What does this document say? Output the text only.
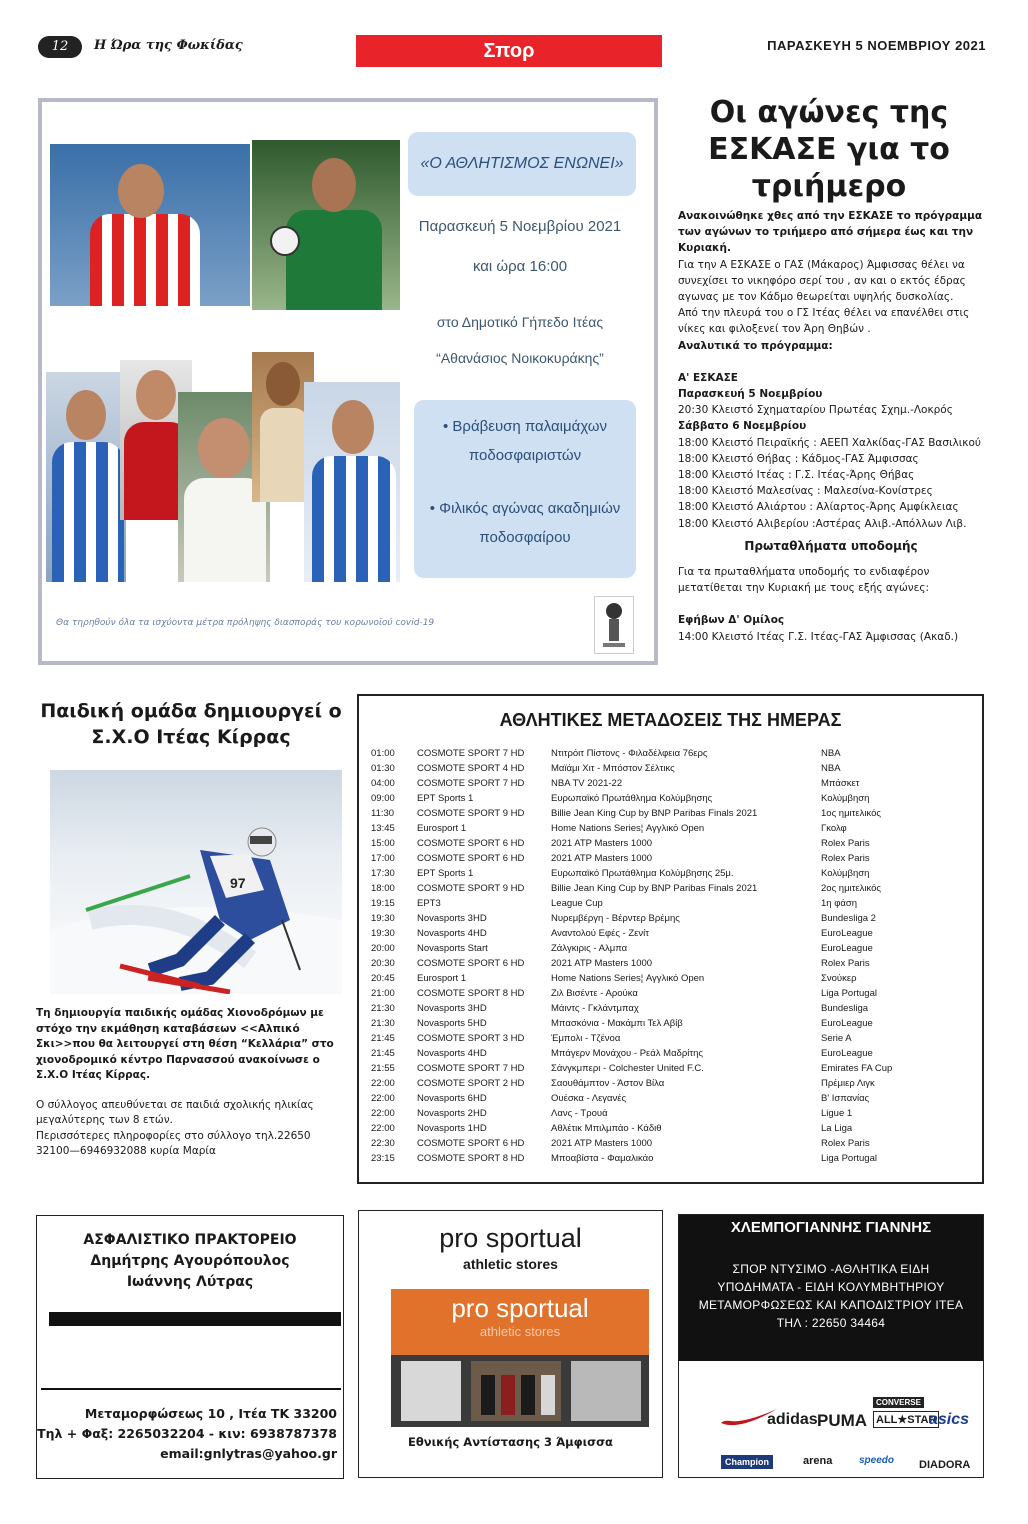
12	Η Ώρα της Φωκίδας	Σπορ	ΠΑΡΑΣΚΕΥΗ 5 ΝΟΕΜΒΡΙΟΥ 2021
«Ο ΑΘΛΗΤΙΣΜΟΣ ΕΝΩΝΕΙ»
Παρασκευή 5 Νοεμβρίου 2021
και ώρα 16:00
στο Δημοτικό Γήπεδο Ιτέας
“Αθανάσιος Νοικοκυράκης”
• Βράβευση παλαιμάχων ποδοσφαιριστών
• Φιλικός αγώνας ακαδημιών ποδοσφαίρου
Θα τηρηθούν όλα τα ισχύοντα μέτρα πρόληψης διασποράς του κορωνοϊού covid-19
Οι αγώνες της ΕΣΚΑΣΕ για το τριήμερο
Ανακοινώθηκε χθες από την ΕΣΚΑΣΕ το πρόγραμμα των αγώνων το τριήμερο από σήμερα έως και την Κυριακή.
Για την Α ΕΣΚΑΣΕ ο ΓΑΣ (Μάκαρος) Άμφισσας θέλει να συνεχίσει το νικηφόρο σερί του , αν και ο εκτός έδρας αγωνας με τον Κάδμο θεωρείται υψηλής δυσκολίας.
Από την πλευρά του ο ΓΣ Ιτέας θέλει να επανέλθει στις νίκες και φιλοξενεί τον Άρη Θηβών .
Αναλυτικά το πρόγραμμα:
Α' ΕΣΚΑΣΕ
Παρασκευή 5 Νοεμβρίου
20:30 Κλειστό Σχηματαρίου Πρωτέας Σχημ.-Λοκρός
Σάββατο 6 Νοεμβρίου
18:00 Κλειστό Πειραϊκής : ΑΕΕΠ Χαλκίδας-ΓΑΣ Βασιλικού
18:00 Κλειστό Θήβας : Κάδμος-ΓΑΣ Άμφισσας
18:00 Κλειστό Ιτέας : Γ.Σ. Ιτέας-Άρης Θήβας
18:00 Κλειστό Μαλεσίνας : Μαλεσίνα-Κονίστρες
18:00 Κλειστό Αλιάρτου : Αλίαρτος-Άρης Αμφίκλειας
18:00 Κλειστό Αλιβερίου :Αστέρας Αλιβ.-Απόλλων Λιβ.
Πρωταθλήματα υποδομής
Για τα πρωταθλήματα υποδομής το ενδιαφέρον μετατίθεται την Κυριακή με τους εξής αγώνες:
Εφήβων Δ' Ομίλος
14:00 Κλειστό Ιτέας Γ.Σ. Ιτέας-ΓΑΣ Άμφισσας (Ακαδ.)
Παιδική ομάδα δημιουργεί ο Σ.Χ.Ο Ιτέας Κίρρας
97
Τη δημιουργία παιδικής ομάδας Χιονοδρόμων με στόχο την εκμάθηση καταβάσεων <<Αλπικό Σκι>>που θα λειτουργεί στη θέση “Κελλάρια” στο χιονοδρομικό κέντρο Παρνασσού ανακοίνωσε ο Σ.Χ.Ο Ιτέας Κίρρας.
Ο σύλλογος απευθύνεται σε παιδιά σχολικής ηλικίας μεγαλύτερης των 8 ετών.
Περισσότερες πληροφορίες στο σύλλογο τηλ.22650 32100—6946932088 κυρία Μαρία
ΑΘΛΗΤΙΚΕΣ ΜΕΤΑΔΟΣΕΙΣ ΤΗΣ ΗΜΕΡΑΣ
01:00 COSMOTE SPORT 7 HD	Ντιτρόιτ Πίστονς - Φιλαδέλφεια 76ερς	NBA
01:30 COSMOTE SPORT 4 HD	Μαϊάμι Χιτ - Μπόστον Σέλτικς	NBA
04:00 COSMOTE SPORT 7 HD	NBA TV 2021-22	Μπάσκετ
09:00 EPT Sports 1	Ευρωπαϊκό Πρωτάθλημα Κολύμβησης	Κολύμβηση
11:30 COSMOTE SPORT 9 HD	Billie Jean King Cup by BNP Paribas Finals 2021	1ος ημιτελικός
13:45 Eurosport 1	Home Nations Series¦ Αγγλικό Open	Γκολφ
15:00 COSMOTE SPORT 6 HD	2021 ATP Masters 1000	Rolex Paris
17:00 COSMOTE SPORT 6 HD	2021 ATP Masters 1000	Rolex Paris
17:30 EPT Sports 1	Ευρωπαϊκό Πρωτάθλημα Κολύμβησης 25μ.	Κολύμβηση
18:00 COSMOTE SPORT 9 HD	Billie Jean King Cup by BNP Paribas Finals 2021	2ος ημιτελικός
19:15 EPT3	League Cup	1η φάση
19:30 Novasports 3HD	Νυρεμβέργη - Βέρντερ Βρέμης	Bundesliga 2
19:30 Novasports 4HD	Αναντολού Εφές - Ζενίτ	EuroLeague
20:00 Novasports Start	Ζάλγκιρις - Αλμπα	EuroLeague
20:30 COSMOTE SPORT 6 HD	2021 ATP Masters 1000	Rolex Paris
20:45 Eurosport 1	Home Nations Series¦ Αγγλικό Open	Σνούκερ
21:00 COSMOTE SPORT 8 HD	Ζιλ Βισέντε - Αρούκα	Liga Portugal
21:30 Novasports 3HD	Μάιντς - Γκλάντμπαχ	Bundesliga
21:30 Novasports 5HD	Μπασκόνια - Μακάμπι Τελ Αβίβ	EuroLeague
21:45 COSMOTE SPORT 3 HD	Έμπολι - Τζένοα	Serie A
21:45 Novasports 4HD	Μπάγερν Μονάχου - Ρεάλ Μαδρίτης	EuroLeague
21:55 COSMOTE SPORT 7 HD	Σάνγκμπερι - Colchester United F.C.	Emirates FA Cup
22:00 COSMOTE SPORT 2 HD	Σαουθάμπτον - Άστον Βίλα	Πρέμιερ Λιγκ
22:00 Novasports 6HD	Ουέσκα - Λεγανές	Β' Ισπανίας
22:00 Novasports 2HD	Λανς - Τρουά	Ligue 1
22:00 Novasports 1HD	Αθλέτικ Μπιλμπάο - Κάδιθ	La Liga
22:30 COSMOTE SPORT 6 HD	2021 ATP Masters 1000	Rolex Paris
23:15 COSMOTE SPORT 8 HD	Μποαβίστα - Φαμαλικάο	Liga Portugal
ΑΣΦΑΛΙΣΤΙΚΟ ΠΡΑΚΤΟΡΕΙΟ
Δημήτρης Αγουρόπουλος
Ιωάννης Λύτρας
Μεταμορφώσεως 10 , Ιτέα ΤΚ 33200
Τηλ + Φαξ: 2265032204 - κιν: 6938787378
email:gnlytras@yahoo.gr
pro sportual
athletic stores
pro sportual
athletic stores
Εθνικής Αντίστασης 3 Άμφισσα
ΧΛΕΜΠΟΓΙΑΝΝΗΣ ΓΙΑΝΝΗΣ
ΣΠΟΡ ΝΤΥΣΙΜΟ -ΑΘΛΗΤΙΚΑ ΕΙΔΗ
ΥΠΟΔΗΜΑΤΑ - ΕΙΔΗ ΚΟΛΥΜΒΗΤΗΡΙΟΥ
ΜΕΤΑΜΟΡΦΩΣΕΩΣ ΚΑΙ ΚΑΠΟΔΙΣΤΡΙΟΥ ΙΤΕΑ
ΤΗΛ : 22650 34464
adidas PUMA
CONVERSE
ALL★STAR
asics
Champion	arena	speedo DIADORA
